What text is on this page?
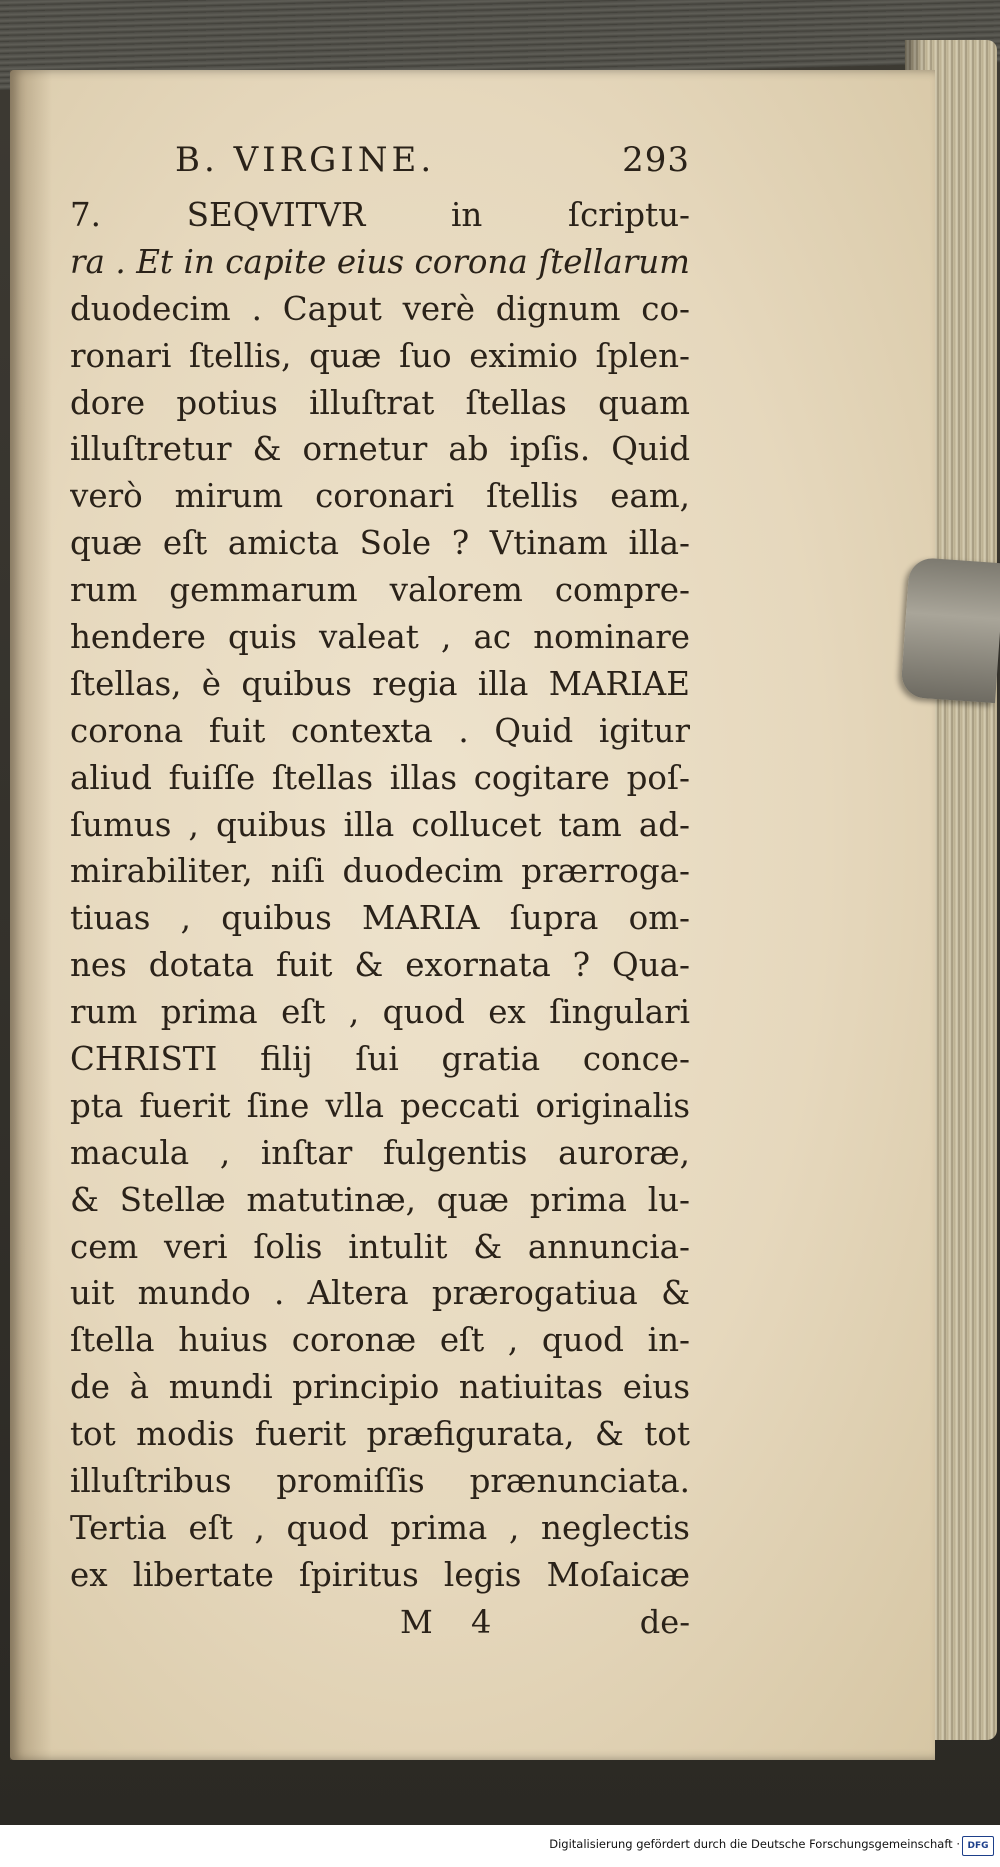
B. VIRGINE.	293
7. SEQVITVR in ſcriptu-
ra . Et in capite eius corona ſtellarum
duodecim . Caput verè dignum co-
ronari ſtellis, quæ ſuo eximio ſplen-
dore potius illuſtrat ſtellas quam
illuſtretur & ornetur ab ipſis. Quid
verò mirum coronari ſtellis eam,
quæ eſt amicta Sole ? Vtinam illa-
rum gemmarum valorem compre-
hendere quis valeat , ac nominare
ſtellas, è quibus regia illa MARIAE
corona fuit contexta . Quid igitur
aliud fuiſſe ſtellas illas cogitare poſ-
ſumus , quibus illa collucet tam ad-
mirabiliter, niſi duodecim prærroga-
tiuas , quibus MARIA ſupra om-
nes dotata fuit & exornata ? Qua-
rum prima eſt , quod ex ſingulari
CHRISTI filij ſui gratia conce-
pta fuerit ſine vlla peccati originalis
macula , inſtar fulgentis auroræ,
& Stellæ matutinæ, quæ prima lu-
cem veri ſolis intulit & annuncia-
uit mundo . Altera prærogatiua &
ſtella huius coronæ eſt , quod in-
de à mundi principio natiuitas eius
tot modis fuerit præfigurata, & tot
illuſtribus promiſſis prænunciata.
Tertia eſt , quod prima , neglectis
ex libertate ſpiritus legis Moſaicæ
M 4	de-
Digitalisierung gefördert durch die Deutsche Forschungsgemeinschaft · DFG
